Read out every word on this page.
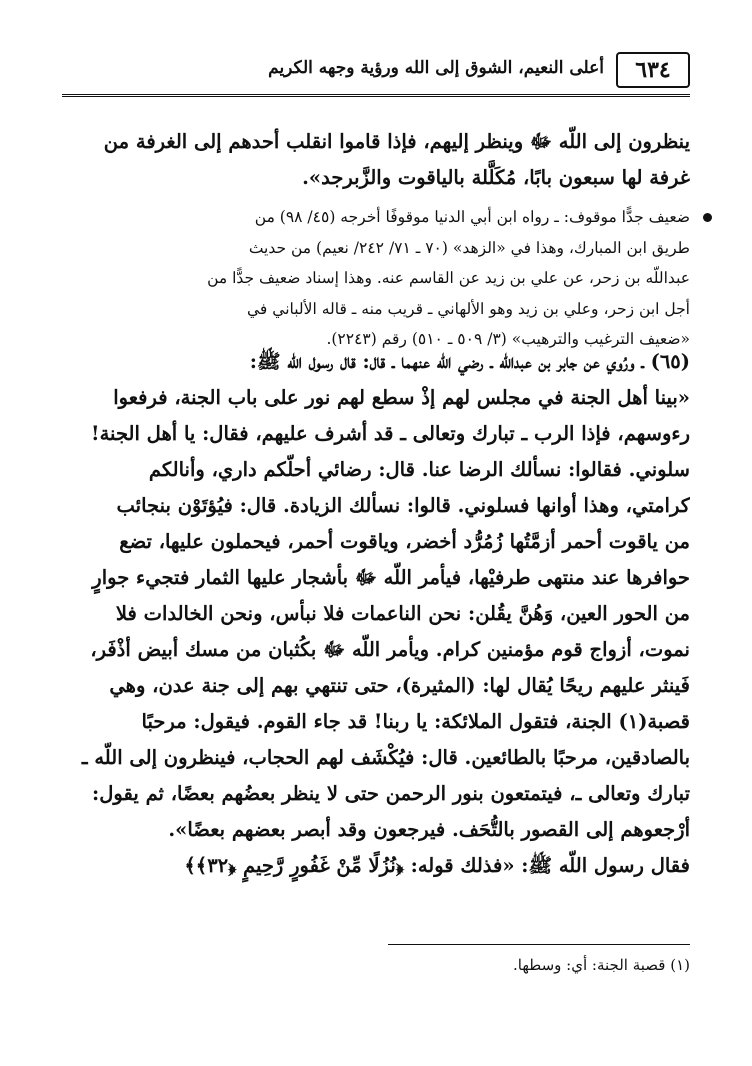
٦٣٤
أعلى النعيم، الشوق إلى الله ورؤية وجهه الكريم
ينظرون إلى اللّه ﷻ وينظر إليهم، فإذا قاموا انقلب أحدهم إلى الغرفة من
غرفة لها سبعون بابًا، مُكَلَّلة بالياقوت والزَّبرجد».
ضعيف جدًّا موقوف: ـ رواه ابن أبي الدنيا موقوفًا أخرجه (٤٥/ ٩٨) من
طريق ابن المبارك، وهذا في «الزهد» (٧٠ ـ ٧١/ ٢٤٢/ نعيم) من حديث
عبداللّه بن زحر، عن علي بن زيد عن القاسم عنه. وهذا إسناد ضعيف جدًّا من
أجل ابن زحر، وعلي بن زيد وهو الألهاني ـ قريب منه ـ قاله الألباني في
«ضعيف الترغيب والترهيب» (٣/ ٥٠٩ ـ ٥١٠) رقم (٢٢٤٣).
(٦٥) ـ ورُوي عن جابر بن عبداللّه ـ رضي اللّه عنهما ـ قال: قال رسول اللّه ﷺ:
«بينا أهل الجنة في مجلس لهم إذْ سطع لهم نور على باب الجنة، فرفعوا
رءوسهم، فإذا الرب ـ تبارك وتعالى ـ قد أشرف عليهم، فقال: يا أهل الجنة!
سلوني. فقالوا: نسألك الرضا عنا. قال: رضائي أحلّكم داري، وأنالكم
كرامتي، وهذا أوانها فسلوني. قالوا: نسألك الزيادة. قال: فيُؤتَوْن بنجائب
من ياقوت أحمر أزمَّتُها زُمُرُّد أخضر، وياقوت أحمر، فيحملون عليها، تضع
حوافرها عند منتهى طرفيْها، فيأمر اللّه ﷻ بأشجار عليها الثمار فتجيء جوارٍ
من الحور العين، وَهُنَّ يقُلن: نحن الناعمات فلا نبأس، ونحن الخالدات فلا
نموت، أزواج قوم مؤمنين كرام. ويأمر اللّه ﷻ بكُثبان من مسك أبيض أذْفَر،
فَينثر عليهم ريحًا يُقال لها: (المثيرة)، حتى تنتهي بهم إلى جنة عدن، وهي
قصبة(١) الجنة، فتقول الملائكة: يا ربنا! قد جاء القوم. فيقول: مرحبًا
بالصادقين، مرحبًا بالطائعين. قال: فيُكْشَف لهم الحجاب، فينظرون إلى اللّه ـ
تبارك وتعالى ـ، فيتمتعون بنور الرحمن حتى لا ينظر بعضُهم بعضًا، ثم يقول:
أرْجعوهم إلى القصور بالتُّحَف. فيرجعون وقد أبصر بعضهم بعضًا».
فقال رسول اللّه ﷺ: «فذلك قوله: ﴿نُزُلًا مِّنْ غَفُورٍ رَّحِيمٍ ﴿٣٢﴾﴾
(١) قصبة الجنة: أي: وسطها.
